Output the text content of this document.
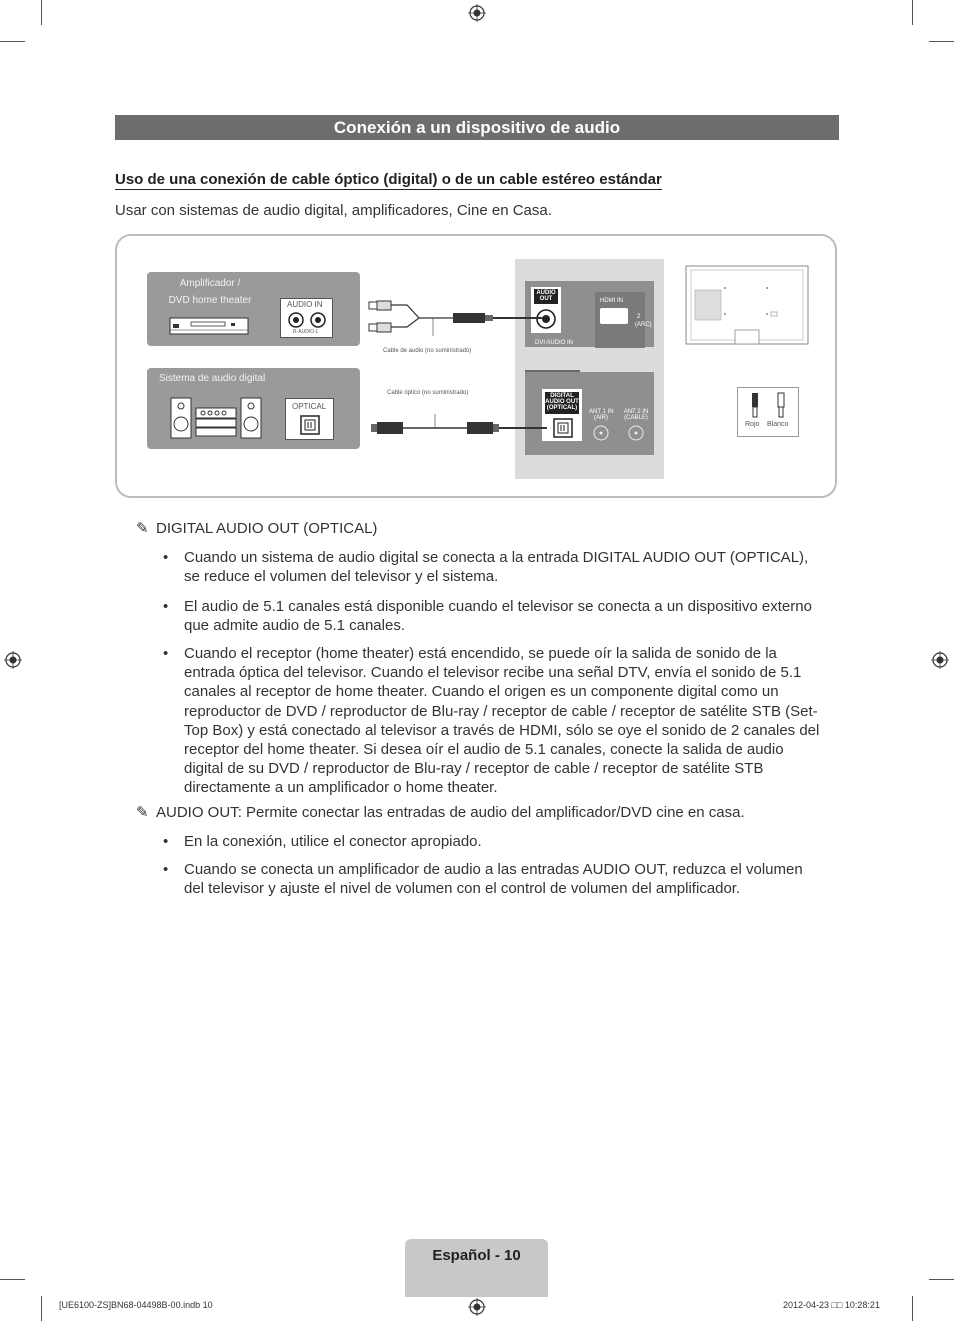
Conexión a un dispositivo de audio
Uso de una conexión de cable óptico (digital) o de un cable estéreo estándar
Usar con sistemas de audio digital, amplificadores, Cine en Casa.
Amplificador /
DVD home theater	AUDIO IN
R-AUDIO-L
Sistema de audio digital
OPTICAL
AUDIO
OUT	HDMI IN
2
(ARC)
DVI AUDIO IN
DIGITAL
AUDIO OUT
(OPTICAL)
ANT 1 IN
(AIR)
ANT 2 IN
(CABLE)
Cable de audio (no suministrado)
Cable óptico (no suministrado)
Rojo Blanco
✎ DIGITAL AUDIO OUT (OPTICAL)
• Cuando un sistema de audio digital se conecta a la entrada DIGITAL AUDIO OUT (OPTICAL), se reduce el volumen del televisor y el sistema.
• El audio de 5.1 canales está disponible cuando el televisor se conecta a un dispositivo externo que admite audio de 5.1 canales.
• Cuando el receptor (home theater) está encendido, se puede oír la salida de sonido de la entrada óptica del televisor. Cuando el televisor recibe una señal DTV, envía el sonido de 5.1 canales al receptor de home theater. Cuando el origen es un componente digital como un reproductor de DVD / reproductor de Blu-ray / receptor de cable / receptor de satélite STB (Set-Top Box) y está conectado al televisor a través de HDMI, sólo se oye el sonido de 2 canales del receptor del home theater. Si desea oír el audio de 5.1 canales, conecte la salida de audio digital de su DVD / reproductor de Blu-ray / receptor de cable / receptor de satélite STB directamente a un amplificador o home theater.
✎ AUDIO OUT: Permite conectar las entradas de audio del amplificador/DVD cine en casa.
• En la conexión, utilice el conector apropiado.
• Cuando se conecta un amplificador de audio a las entradas AUDIO OUT, reduzca el volumen del televisor y ajuste el nivel de volumen con el control de volumen del amplificador.
Español - 10
[UE6100-ZS]BN68-04498B-00.indb 10	2012-04-23 □□ 10:28:21
